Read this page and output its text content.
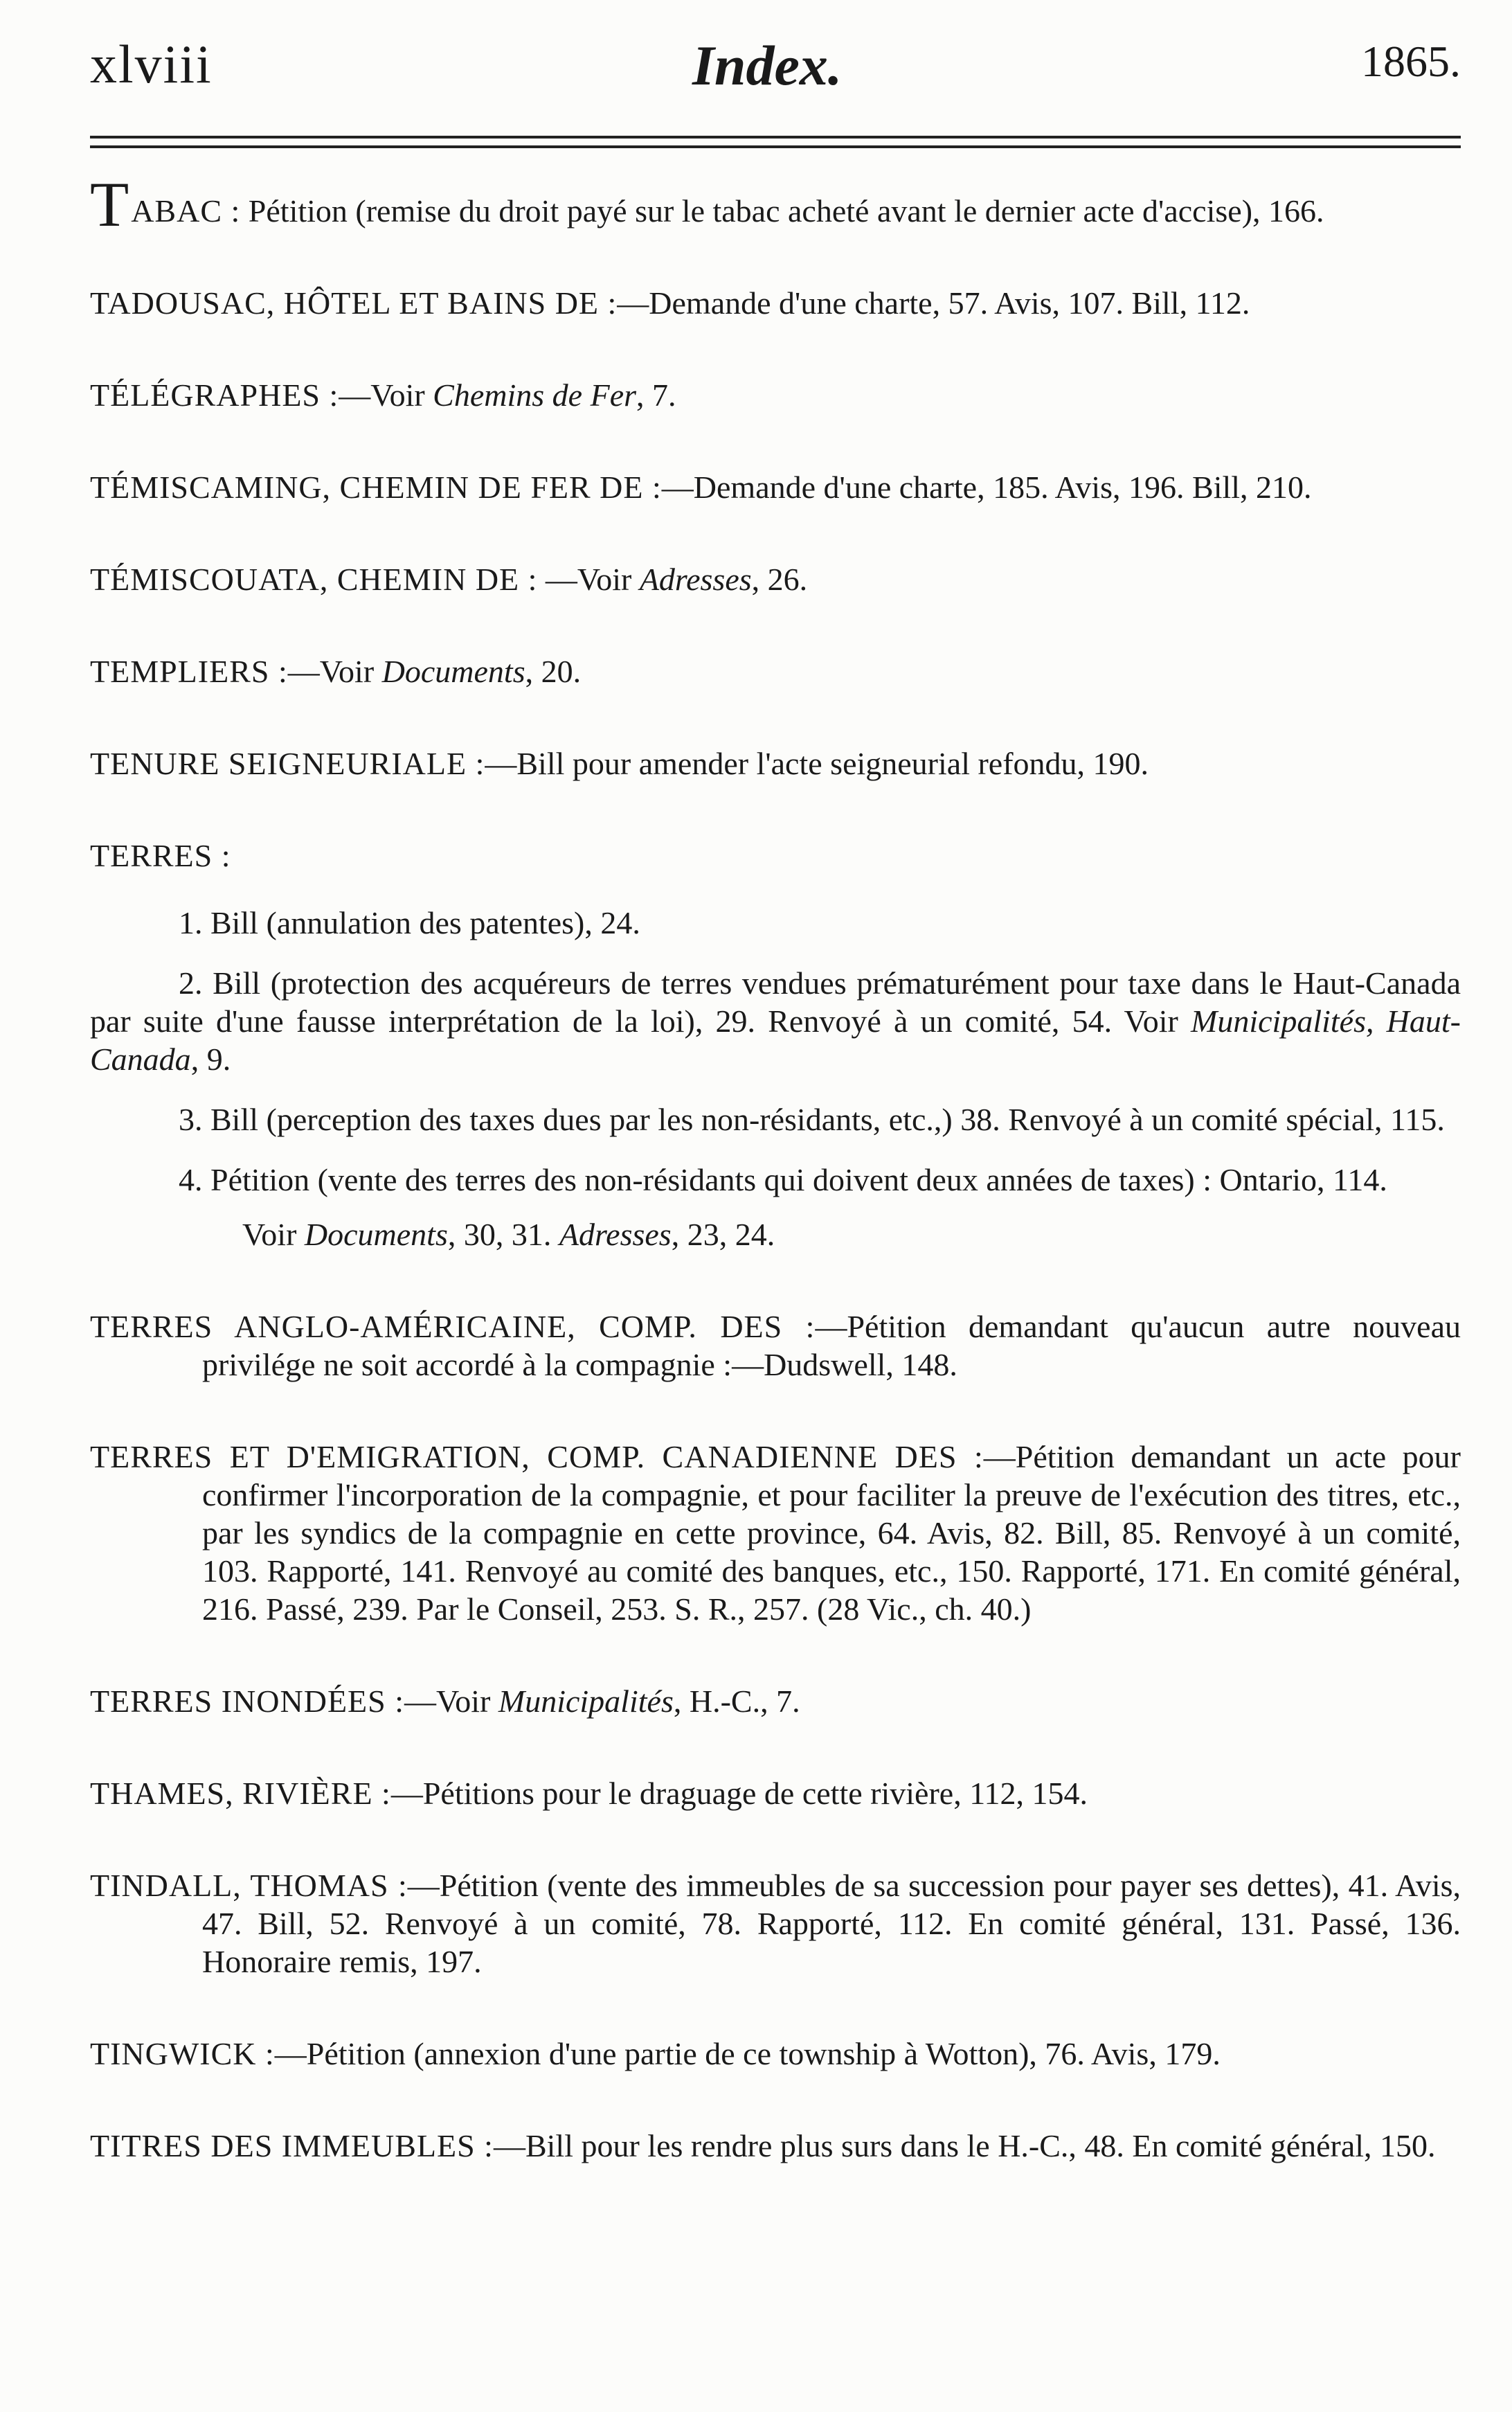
xlviii	Index.	1865.

TABAC : Pétition (remise du droit payé sur le tabac acheté avant le dernier acte d'accise), 166.

TADOUSAC, HÔTEL ET BAINS DE :—Demande d'une charte, 57. Avis, 107. Bill, 112.

TÉLÉGRAPHES :—Voir Chemins de Fer, 7.

TÉMISCAMING, CHEMIN DE FER DE :—Demande d'une charte, 185. Avis, 196. Bill, 210.

TÉMISCOUATA, CHEMIN DE : —Voir Adresses, 26.

TEMPLIERS :—Voir Documents, 20.

TENURE SEIGNEURIALE :—Bill pour amender l'acte seigneurial refondu, 190.

TERRES :

1. Bill (annulation des patentes), 24.

2. Bill (protection des acquéreurs de terres vendues prématurément pour taxe dans le Haut-Canada par suite d'une fausse interprétation de la loi), 29. Renvoyé à un comité, 54. Voir Municipalités, Haut-Canada, 9.

3. Bill (perception des taxes dues par les non-résidants, etc.,) 38. Renvoyé à un comité spécial, 115.

4. Pétition (vente des terres des non-résidants qui doivent deux années de taxes) : Ontario, 114.

Voir Documents, 30, 31. Adresses, 23, 24.

TERRES ANGLO-AMÉRICAINE, COMP. DES :—Pétition demandant qu'aucun autre nouveau privilége ne soit accordé à la compagnie :—Dudswell, 148.

TERRES ET D'EMIGRATION, COMP. CANADIENNE DES :—Pétition demandant un acte pour confirmer l'incorporation de la compagnie, et pour faciliter la preuve de l'exécution des titres, etc., par les syndics de la compagnie en cette province, 64. Avis, 82. Bill, 85. Renvoyé à un comité, 103. Rapporté, 141. Renvoyé au comité des banques, etc., 150. Rapporté, 171. En comité général, 216. Passé, 239. Par le Conseil, 253. S. R., 257. (28 Vic., ch. 40.)

TERRES INONDÉES :—Voir Municipalités, H.-C., 7.

THAMES, RIVIÈRE :—Pétitions pour le draguage de cette rivière, 112, 154.

TINDALL, THOMAS :—Pétition (vente des immeubles de sa succession pour payer ses dettes), 41. Avis, 47. Bill, 52. Renvoyé à un comité, 78. Rapporté, 112. En comité général, 131. Passé, 136. Honoraire remis, 197.

TINGWICK :—Pétition (annexion d'une partie de ce township à Wotton), 76. Avis, 179.

TITRES DES IMMEUBLES :—Bill pour les rendre plus surs dans le H.-C., 48. En comité général, 150.
